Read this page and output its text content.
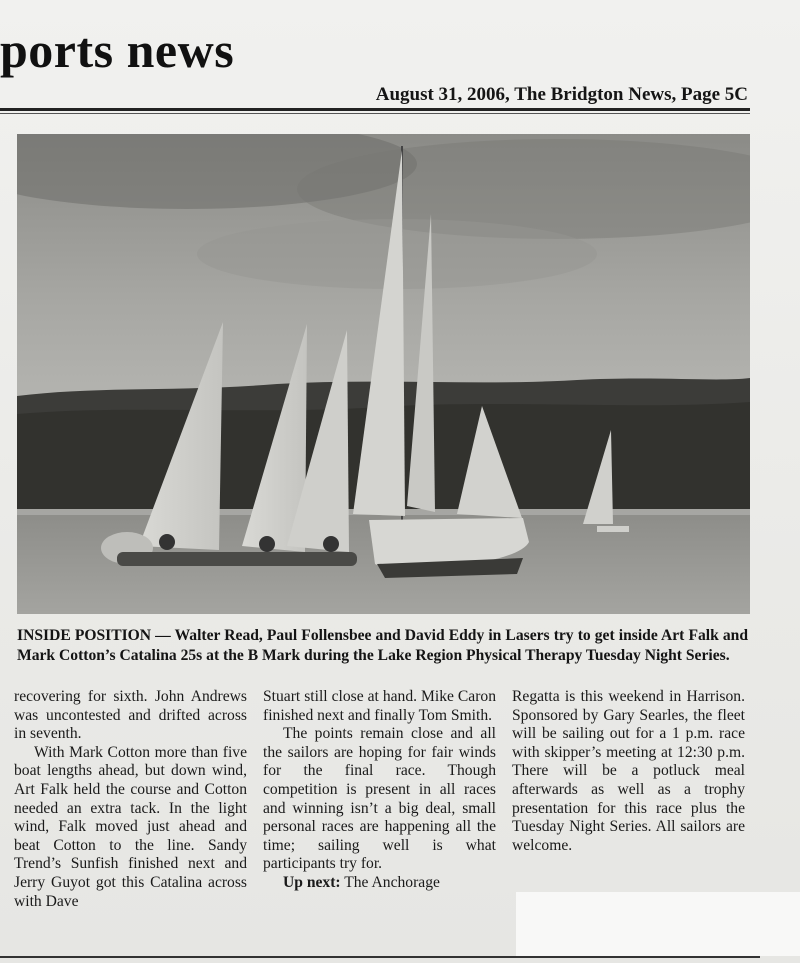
ports news
August 31, 2006, The Bridgton News, Page 5C
INSIDE POSITION — Walter Read, Paul Follensbee and David Eddy in Lasers try to get inside Art Falk and Mark Cotton’s Catalina 25s at the B Mark during the Lake Region Physical Therapy Tuesday Night Series.

recovering for sixth. John Andrews was uncontested and drifted across in seventh.

With Mark Cotton more than five boat lengths ahead, but down wind, Art Falk held the course and Cotton needed an extra tack. In the light wind, Falk moved just ahead and beat Cotton to the line. Sandy Trend’s Sunfish finished next and Jerry Guyot got this Catalina across with Dave

Stuart still close at hand. Mike Caron finished next and finally Tom Smith.

The points remain close and all the sailors are hoping for fair winds for the final race. Though competition is present in all races and winning isn’t a big deal, small personal races are happening all the time; sailing well is what participants try for.

Up next: The Anchorage

Regatta is this weekend in Harrison. Sponsored by Gary Searles, the fleet will be sailing out for a 1 p.m. race with skipper’s meeting at 12:30 p.m. There will be a potluck meal afterwards as well as a trophy presentation for this race plus the Tuesday Night Series. All sailors are welcome.
